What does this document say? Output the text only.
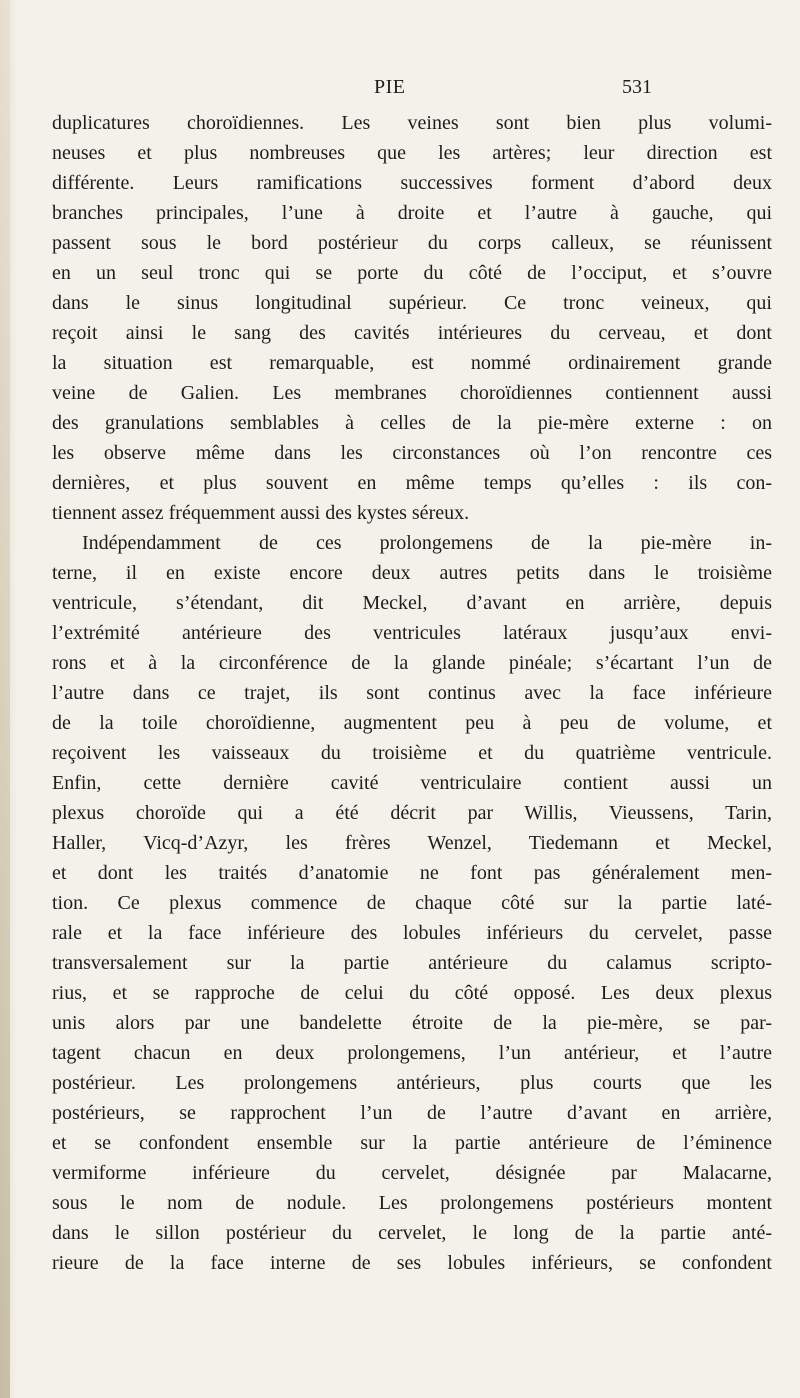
PIE	531
duplicatures choroïdiennes. Les veines sont bien plus volumi-
neuses et plus nombreuses que les artères; leur direction est
différente. Leurs ramifications successives forment d’abord deux
branches principales, l’une à droite et l’autre à gauche, qui
passent sous le bord postérieur du corps calleux, se réunissent
en un seul tronc qui se porte du côté de l’occiput, et s’ouvre
dans le sinus longitudinal supérieur. Ce tronc veineux, qui
reçoit ainsi le sang des cavités intérieures du cerveau, et dont
la situation est remarquable, est nommé ordinairement grande
veine de Galien. Les membranes choroïdiennes contiennent aussi
des granulations semblables à celles de la pie-mère externe : on
les observe même dans les circonstances où l’on rencontre ces
dernières, et plus souvent en même temps qu’elles : ils con-
tiennent assez fréquemment aussi des kystes séreux.
Indépendamment de ces prolongemens de la pie-mère in-
terne, il en existe encore deux autres petits dans le troisième
ventricule, s’étendant, dit Meckel, d’avant en arrière, depuis
l’extrémité antérieure des ventricules latéraux jusqu’aux envi-
rons et à la circonférence de la glande pinéale; s’écartant l’un de
l’autre dans ce trajet, ils sont continus avec la face inférieure
de la toile choroïdienne, augmentent peu à peu de volume, et
reçoivent les vaisseaux du troisième et du quatrième ventricule.
Enfin, cette dernière cavité ventriculaire contient aussi un
plexus choroïde qui a été décrit par Willis, Vieussens, Tarin,
Haller, Vicq-d’Azyr, les frères Wenzel, Tiedemann et Meckel,
et dont les traités d’anatomie ne font pas généralement men-
tion. Ce plexus commence de chaque côté sur la partie laté-
rale et la face inférieure des lobules inférieurs du cervelet, passe
transversalement sur la partie antérieure du calamus scripto-
rius, et se rapproche de celui du côté opposé. Les deux plexus
unis alors par une bandelette étroite de la pie-mère, se par-
tagent chacun en deux prolongemens, l’un antérieur, et l’autre
postérieur. Les prolongemens antérieurs, plus courts que les
postérieurs, se rapprochent l’un de l’autre d’avant en arrière,
et se confondent ensemble sur la partie antérieure de l’éminence
vermiforme inférieure du cervelet, désignée par Malacarne,
sous le nom de nodule. Les prolongemens postérieurs montent
dans le sillon postérieur du cervelet, le long de la partie anté-
rieure de la face interne de ses lobules inférieurs, se confondent
